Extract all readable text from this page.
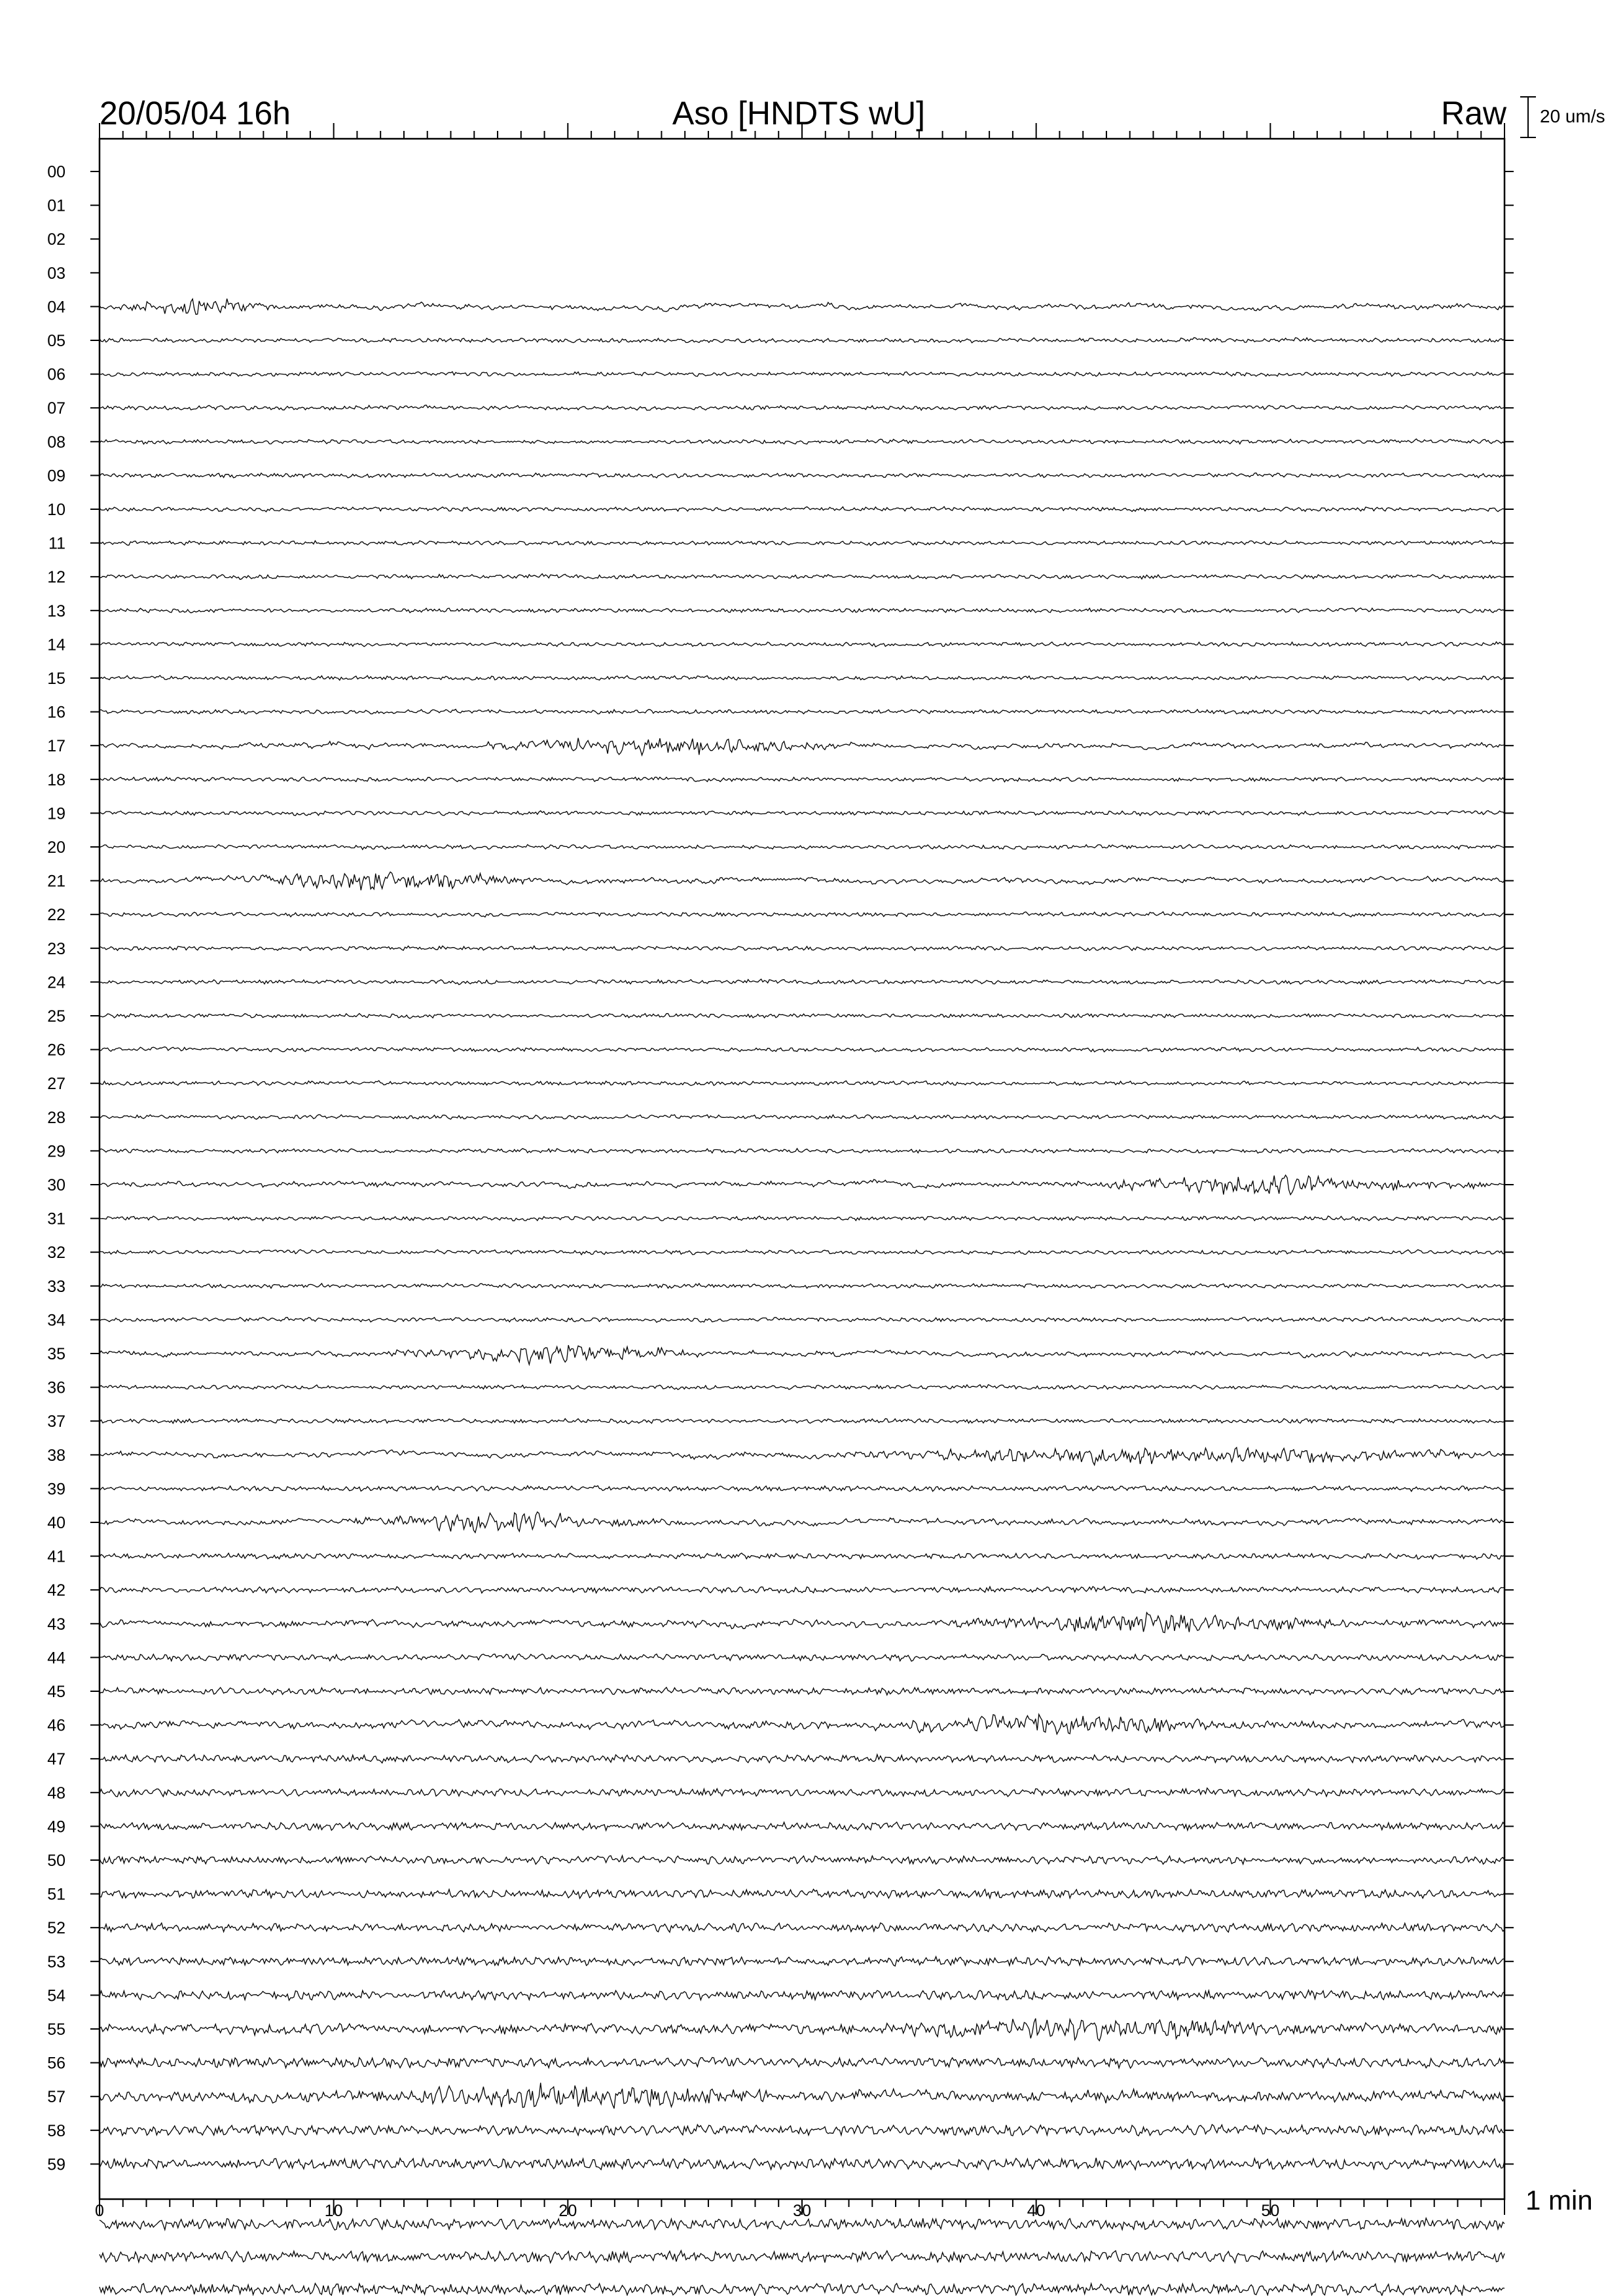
0	10	20	30	40	50
00
01
02
03
04
05
06
07
08
09
10
11
12
13
14
15
16
17
18
19
20
21
22
23
24
25
26
27
28
29
30
31
32
33
34
35
36
37
38
39
40
41
42
43
44
45
46
47
48
49
50
51
52
53
54
55
56
57
58
59
20/05/04 16h	Aso [HNDTS wU]	Raw 20 um/s
1 min
